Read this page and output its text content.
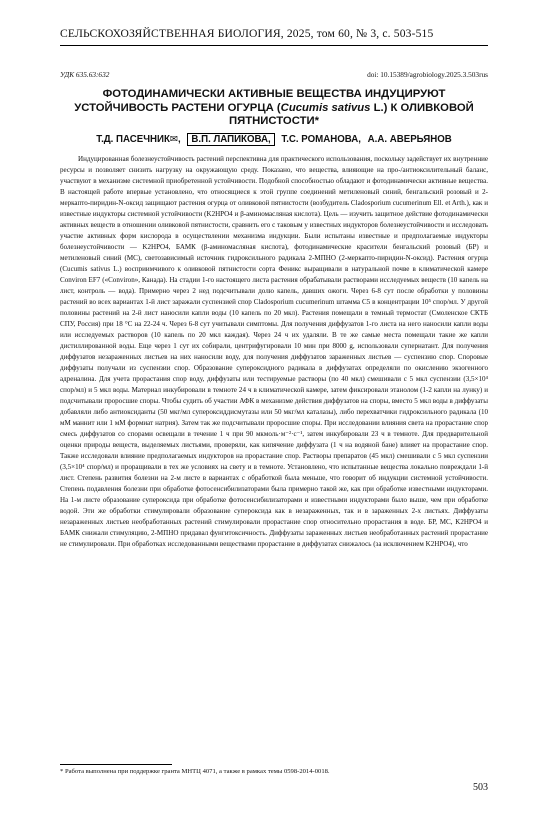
СЕЛЬСКОХОЗЯЙСТВЕННАЯ БИОЛОГИЯ, 2025, том 60, № 3, с. 503-515
УДК 635.63:632	doi: 10.15389/agrobiology.2025.3.503rus
ФОТОДИНАМИЧЕСКИ АКТИВНЫЕ ВЕЩЕСТВА ИНДУЦИРУЮТ УСТОЙЧИВОСТЬ РАСТЕНИ ОГУРЦА (Cucumis sativus L.) К ОЛИВКОВОЙ ПЯТНИСТОСТИ*
Т.Д. ПАСЕЧНИК✉, В.П. ЛАПИКОВА, Т.С. РОМАНОВА, А.А. АВЕРЬЯНОВ

Индуцированная болезнеустойчивость растений перспективна для практического использования, поскольку задействует их внутренние ресурсы и позволяет снизить нагрузку на окружающую среду. Показано, что вещества, влияющие на про-/антиоксилительный баланс, участвуют в механизме системной приобретенной устойчивости. Подобной способностью обладают и фотодинамически активные вещества. В настоящей работе впервые установлено, что относящиеся к этой группе соединений метиленовый синий, бенгальский розовый и 2-меркапто-пиридин-N-оксид защищают растения огурца от оливковой пятнистости (возбудитель Cladosporium cucumerinum Ell. et Arth.), как и известные индукторы системной устойчивости (K2HPO4 и β-аминомасляная кислота). Цель — изучить защитное действие фотодинамически активных веществ в отношении оливковой пятнистости, сравнить его с таковым у известных индукторов болезнеустойчивости и исследовать участие активных форм кислорода в осуществлении механизма индукции. Были испытаны известные и предполагаемые индукторы болезнеустойчивости — K2HPO4, БАМК (β-аминомасляная кислота), фотодинамические красители бенгальский розовый (БР) и метиленовый синий (МС), светозависимый источник гидроксильного радикала 2-МПНО (2-меркапто-пиридин-N-оксид). Растения огурца (Cucumis sativus L.) восприимчивого к оливковой пятнистости сорта Феникс выращивали в натуральной почве в климатической камере Conviron EF7 («Conviron», Канада). На стадии 1-го настоящего листа растения обрабатывали растворами исследуемых веществ (10 капель на лист, контроль — вода). Примерно через 2 нед подсчитывали долю капель, давших ожоги. Через 6-8 сут после обработки у половины растений во всех вариантах 1-й лист заражали суспензией спор Cladosporium cucumerinum штамма C5 в концентрации 10⁵ спор/мл. У другой половины растений на 2-й лист наносили капли воды (10 капель по 20 мкл). Растения помещали в темный термостат (Смоленское СКТБ СПУ, Россия) при 18 °С на 22-24 ч. Через 6-8 сут учитывали симптомы. Для получения диффузатов 1-го листа на него наносили капли воды или исследуемых растворов (10 капель по 20 мкл каждая). Через 24 ч их удаляли. В те же самые места помещали такие же капли дистиллированной воды. Еще через 1 сут их собирали, центрифугировали 10 мин при 8000 g, использовали супернатант. Для получения диффузатов незараженных листьев на них наносили воду, для получения диффузатов зараженных листьев — суспензию спор. Споровые диффузаты получали из суспензии спор. Образование супероксидного радикала в диффузатах определяли по окислению экзогенного адреналина. Для учета прорастания спор воду, диффузаты или тестируемые растворы (по 40 мкл) смешивали с 5 мкл суспензии (3,5×10⁴ спор/мл) и 5 мкл воды. Материал инкубировали в темноте 24 ч в климатической камере, затем фиксировали этанолом (1-2 капли на лунку) и подсчитывали проросшие споры. Чтобы судить об участии АФК в механизме действия диффузатов на споры, вместо 5 мкл воды в диффузаты добавляли либо антиоксиданты (50 мкг/мл супероксиддисмутазы или 50 мкг/мл каталазы), либо перехватчики гидроксильного радикала (10 мМ маннит или 1 мМ формиат натрия). Затем так же подсчитывали проросшие споры. При исследовании влияния света на прорастание спор смесь диффузатов со спорами освещали в течение 1 ч при 90 мкмоль·м⁻²·с⁻¹, затем инкубировали 23 ч в темноте. Для предварительной оценки природы веществ, выделяемых листьями, проверяли, как кипячение диффузата (1 ч на водяной бане) влияет на прорастание спор. Также исследовали влияние предполагаемых индукторов на прорастание спор. Растворы препаратов (45 мкл) смешивали с 5 мкл суспензии (3,5×10⁴ спор/мл) и проращивали в тех же условиях на свету и в темноте. Установлено, что испытанные вещества локально повреждали 1-й лист. Степень развития болезни на 2-м листе в вариантах с обработкой была меньше, что говорит об индукции системной устойчивости. Степень подавления болезни при обработке фотосенсибилизаторами была примерно такой же, как при обработке известными индукторами. На 1-м листе образование супероксида при обработке фотосенсибилизаторами и известными индукторами было выше, чем при обработке водой. Эти же обработки стимулировали образование супероксида как в незараженных, так и в зараженных 2-х листьях. Диффузаты незараженных листьев необработанных растений стимулировали прорастание спор относительно прорастания в воде. БР, МС, K2HPO4 и БАМК снижали стимуляцию, 2-МПНО придавал фунгитоксичность. Диффузаты зараженных листьев необработанных растений прорастание не стимулировали. При обработках исследованными веществами прорастание в диффузатах снижалось (за исключением K2HPO4), что

* Работа выполнена при поддержке гранта МНТЦ 4071, а также в рамках темы 0598-2014-0018.
503
